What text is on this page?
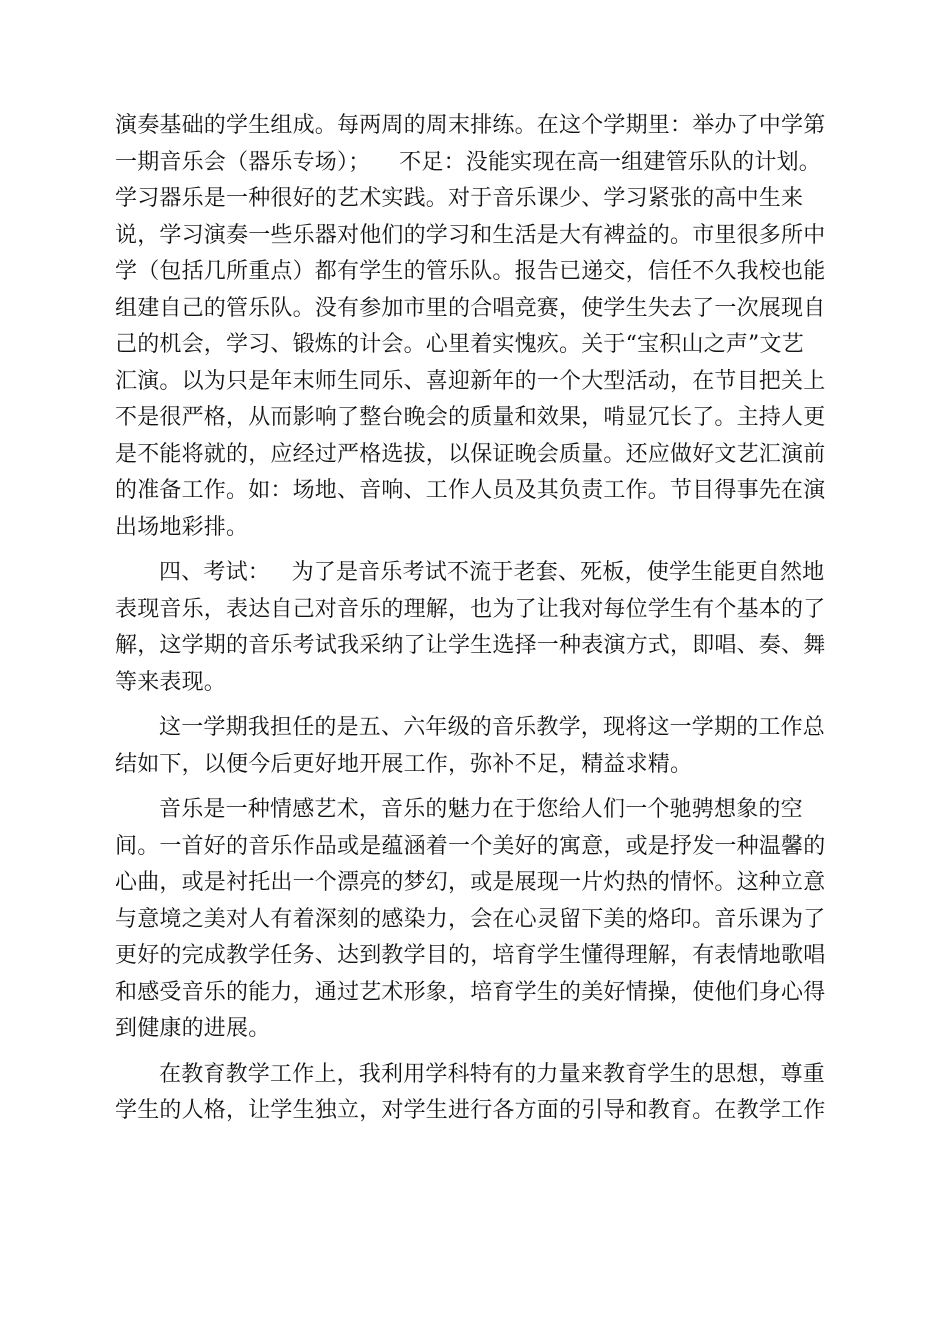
演奏基础的学生组成。每两周的周末排练。在这个学期里：举办了中学第
一期音乐会（器乐专场）；    不足：没能实现在高一组建管乐队的计划。
学习器乐是一种很好的艺术实践。对于音乐课少、学习紧张的高中生来
说，学习演奏一些乐器对他们的学习和生活是大有裨益的。市里很多所中
学（包括几所重点）都有学生的管乐队。报告已递交，信任不久我校也能
组建自己的管乐队。没有参加市里的合唱竞赛，使学生失去了一次展现自
己的机会，学习、锻炼的计会。心里着实愧疚。关于“宝积山之声”文艺
汇演。以为只是年末师生同乐、喜迎新年的一个大型活动，在节目把关上
不是很严格，从而影响了整台晚会的质量和效果，啃显冗长了。主持人更
是不能将就的，应经过严格选拔，以保证晚会质量。还应做好文艺汇演前
的准备工作。如：场地、音响、工作人员及其负责工作。节目得事先在演
出场地彩排。
四、考试：   为了是音乐考试不流于老套、死板，使学生能更自然地
表现音乐，表达自己对音乐的理解，也为了让我对每位学生有个基本的了
解，这学期的音乐考试我采纳了让学生选择一种表演方式，即唱、奏、舞
等来表现。
这一学期我担任的是五、六年级的音乐教学，现将这一学期的工作总
结如下，以便今后更好地开展工作，弥补不足，精益求精。
音乐是一种情感艺术，音乐的魅力在于您给人们一个驰骋想象的空
间。一首好的音乐作品或是蕴涵着一个美好的寓意，或是抒发一种温馨的
心曲，或是衬托出一个漂亮的梦幻，或是展现一片灼热的情怀。这种立意
与意境之美对人有着深刻的感染力，会在心灵留下美的烙印。音乐课为了
更好的完成教学任务、达到教学目的，培育学生懂得理解，有表情地歌唱
和感受音乐的能力，通过艺术形象，培育学生的美好情操，使他们身心得
到健康的进展。
在教育教学工作上，我利用学科特有的力量来教育学生的思想，尊重
学生的人格，让学生独立，对学生进行各方面的引导和教育。在教学工作
